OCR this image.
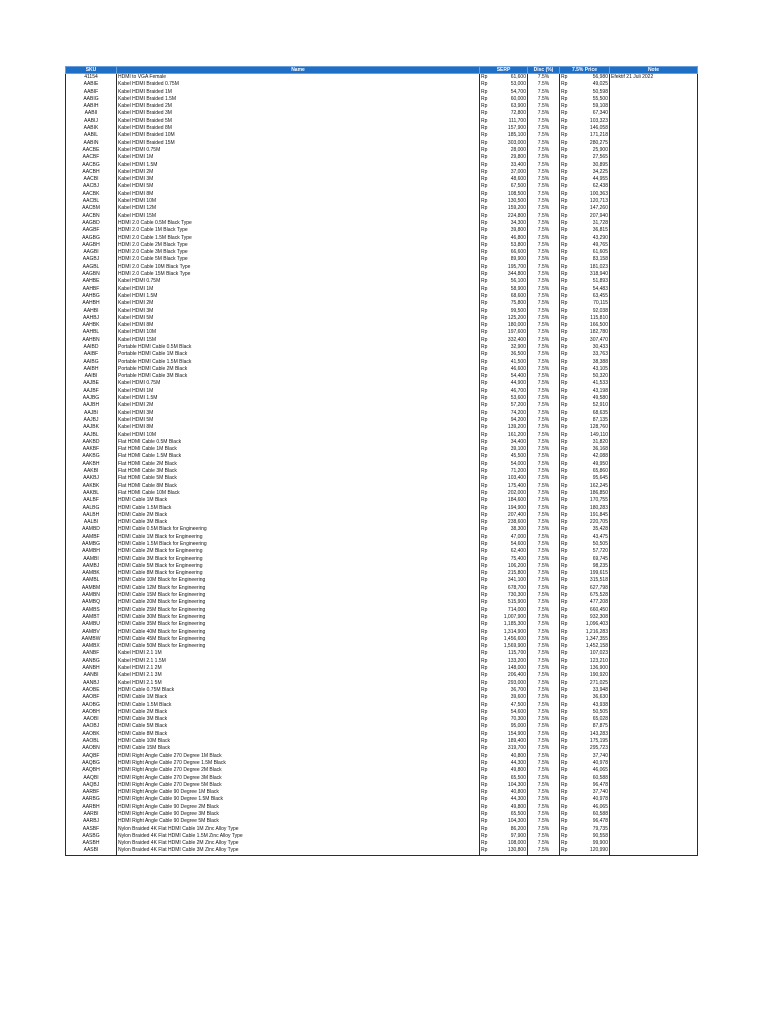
SKU	Name	SERP		Disc (%)	7.5% Price		Note
41154	HDMI to VGA Female	Rp	61,600	7.5%	Rp	56,980	Efektif 21 Juli 2022
AABIE	Kabel HDMI Braided 0.75M	Rp	53,000	7.5%	Rp	49,025	
AABIF	Kabel HDMI Braided 1M	Rp	54,700	7.5%	Rp	50,598	
AABIG	Kabel HDMI Braided 1.5M	Rp	60,000	7.5%	Rp	55,500	
AABIH	Kabel HDMI Braided 2M	Rp	63,900	7.5%	Rp	59,108	
AABII	Kabel HDMI Braided 3M	Rp	72,800	7.5%	Rp	67,340	
AABIJ	Kabel HDMI Braided 5M	Rp	111,700	7.5%	Rp	103,323	
AABIK	Kabel HDMI Braided 8M	Rp	157,900	7.5%	Rp	146,058	
AABIL	Kabel HDMI Braided 10M	Rp	185,100	7.5%	Rp	171,218	
AABIN	Kabel HDMI Braided 15M	Rp	303,000	7.5%	Rp	280,275	
AACBE	Kabel HDMI 0.75M	Rp	28,000	7.5%	Rp	25,900	
AACBF	Kabel HDMI 1M	Rp	29,800	7.5%	Rp	27,565	
AACBG	Kabel HDMI 1.5M	Rp	33,400	7.5%	Rp	30,895	
AACBH	Kabel HDMI 2M	Rp	37,000	7.5%	Rp	34,225	
AACBI	Kabel HDMI 3M	Rp	48,600	7.5%	Rp	44,955	
AACBJ	Kabel HDMI 5M	Rp	67,500	7.5%	Rp	62,438	
AACBK	Kabel HDMI 8M	Rp	108,500	7.5%	Rp	100,363	
AACBL	Kabel HDMI 10M	Rp	130,500	7.5%	Rp	120,713	
AACBM	Kabel HDMI 12M	Rp	159,200	7.5%	Rp	147,260	
AACBN	Kabel HDMI 15M	Rp	224,800	7.5%	Rp	207,940	
AAGBD	HDMI 2.0 Cable 0.5M Black Type	Rp	34,300	7.5%	Rp	31,728	
AAGBF	HDMI 2.0 Cable 1M Black Type	Rp	39,800	7.5%	Rp	36,815	
AAGBG	HDMI 2.0 Cable 1.5M Black Type	Rp	46,800	7.5%	Rp	43,290	
AAGBH	HDMI 2.0 Cable 2M Black Type	Rp	53,800	7.5%	Rp	49,765	
AAGBI	HDMI 2.0 Cable 3M Black Type	Rp	66,600	7.5%	Rp	61,605	
AAGBJ	HDMI 2.0 Cable 5M Black Type	Rp	89,900	7.5%	Rp	83,158	
AAGBL	HDMI 2.0 Cable 10M Black Type	Rp	195,700	7.5%	Rp	181,023	
AAGBN	HDMI 2.0 Cable 15M Black Type	Rp	344,800	7.5%	Rp	318,940	
AAHBE	Kabel HDMI 0.75M	Rp	56,100	7.5%	Rp	51,893	
AAHBF	Kabel HDMI 1M	Rp	58,900	7.5%	Rp	54,483	
AAHBG	Kabel HDMI 1.5M	Rp	68,600	7.5%	Rp	63,455	
AAHBH	Kabel HDMI 2M	Rp	75,800	7.5%	Rp	70,115	
AAHBI	Kabel HDMI 3M	Rp	99,500	7.5%	Rp	92,038	
AAHBJ	Kabel HDMI 5M	Rp	125,200	7.5%	Rp	115,810	
AAHBK	Kabel HDMI 8M	Rp	180,000	7.5%	Rp	166,500	
AAHBL	Kabel HDMI 10M	Rp	197,600	7.5%	Rp	182,780	
AAHBN	Kabel HDMI 15M	Rp	332,400	7.5%	Rp	307,470	
AAIBD	Portable HDMI Cable 0.5M Black	Rp	32,900	7.5%	Rp	30,433	
AAIBF	Portable HDMI Cable 1M Black	Rp	36,500	7.5%	Rp	33,763	
AAIBG	Portable HDMI Cable 1.5M Black	Rp	41,500	7.5%	Rp	38,388	
AAIBH	Portable HDMI Cable 2M Black	Rp	46,600	7.5%	Rp	43,105	
AAIBI	Portable HDMI Cable 3M Black	Rp	54,400	7.5%	Rp	50,320	
AAJBE	Kabel HDMI 0.75M	Rp	44,900	7.5%	Rp	41,533	
AAJBF	Kabel HDMI 1M	Rp	46,700	7.5%	Rp	43,198	
AAJBG	Kabel HDMI 1.5M	Rp	53,600	7.5%	Rp	49,580	
AAJBH	Kabel HDMI 2M	Rp	57,200	7.5%	Rp	52,910	
AAJBI	Kabel HDMI 3M	Rp	74,200	7.5%	Rp	68,635	
AAJBJ	Kabel HDMI 5M	Rp	94,200	7.5%	Rp	87,135	
AAJBK	Kabel HDMI 8M	Rp	139,200	7.5%	Rp	128,760	
AAJBL	Kabel HDMI 10M	Rp	161,200	7.5%	Rp	149,110	
AAKBD	Flat HDMI Cable 0.5M Black	Rp	34,400	7.5%	Rp	31,820	
AAKBF	Flat HDMI Cable 1M Black	Rp	39,100	7.5%	Rp	36,168	
AAKBG	Flat HDMI Cable 1.5M Black	Rp	45,500	7.5%	Rp	42,088	
AAKBH	Flat HDMI Cable 2M Black	Rp	54,000	7.5%	Rp	49,950	
AAKBI	Flat HDMI Cable 3M Black	Rp	71,200	7.5%	Rp	65,860	
AAKBJ	Flat HDMI Cable 5M Black	Rp	103,400	7.5%	Rp	95,645	
AAKBK	Flat HDMI Cable 8M Black	Rp	175,400	7.5%	Rp	162,245	
AAKBL	Flat HDMI Cable 10M Black	Rp	202,000	7.5%	Rp	186,850	
AALBF	HDMI Cable 1M Black	Rp	184,600	7.5%	Rp	170,755	
AALBG	HDMI Cable 1.5M Black	Rp	194,900	7.5%	Rp	180,283	
AALBH	HDMI Cable 2M Black	Rp	207,400	7.5%	Rp	191,845	
AALBI	HDMI Cable 3M Black	Rp	238,600	7.5%	Rp	220,705	
AAMBD	HDMI Cable 0.5M Black for Engineering	Rp	38,300	7.5%	Rp	35,428	
AAMBF	HDMI Cable 1M Black for Engineering	Rp	47,000	7.5%	Rp	43,475	
AAMBG	HDMI Cable 1.5M Black for Engineering	Rp	54,600	7.5%	Rp	50,505	
AAMBH	HDMI Cable 2M Black for Engineering	Rp	62,400	7.5%	Rp	57,720	
AAMBI	HDMI Cable 3M Black for Engineering	Rp	75,400	7.5%	Rp	69,745	
AAMBJ	HDMI Cable 5M Black for Engineering	Rp	106,200	7.5%	Rp	98,235	
AAMBK	HDMI Cable 8M Black for Engineering	Rp	215,800	7.5%	Rp	199,615	
AAMBL	HDMI Cable 10M Black for Engineering	Rp	341,100	7.5%	Rp	315,518	
AAMBM	HDMI Cable 12M Black for Engineering	Rp	678,700	7.5%	Rp	627,798	
AAMBN	HDMI Cable 15M Black for Engineering	Rp	730,300	7.5%	Rp	675,528	
AAMBQ	HDMI Cable 20M Black for Engineering	Rp	515,900	7.5%	Rp	477,208	
AAMBS	HDMI Cable 25M Black for Engineering	Rp	714,000	7.5%	Rp	660,450	
AAMBT	HDMI Cable 30M Black for Engineering	Rp	1,007,900	7.5%	Rp	932,308	
AAMBU	HDMI Cable 35M Black for Engineering	Rp	1,185,300	7.5%	Rp	1,096,403	
AAMBV	HDMI Cable 40M Black for Engineering	Rp	1,314,900	7.5%	Rp	1,216,283	
AAMBW	HDMI Cable 45M Black for Engineering	Rp	1,456,600	7.5%	Rp	1,347,355	
AAMBX	HDMI Cable 50M Black for Engineering	Rp	1,569,900	7.5%	Rp	1,452,158	
AANBF	Kabel HDMI 2.1 1M	Rp	115,700	7.5%	Rp	107,023	
AANBG	Kabel HDMI 2.1 1.5M	Rp	133,200	7.5%	Rp	123,210	
AANBH	Kabel HDMI 2.1 2M	Rp	148,000	7.5%	Rp	136,900	
AANBI	Kabel HDMI 2.1 3M	Rp	206,400	7.5%	Rp	190,920	
AANBJ	Kabel HDMI 2.1 5M	Rp	293,000	7.5%	Rp	271,025	
AAOBE	HDMI Cable 0.75M Black	Rp	36,700	7.5%	Rp	33,948	
AAOBF	HDMI Cable 1M Black	Rp	39,600	7.5%	Rp	36,630	
AAOBG	HDMI Cable 1.5M Black	Rp	47,500	7.5%	Rp	43,938	
AAOBH	HDMI Cable 2M Black	Rp	54,600	7.5%	Rp	50,505	
AAOBI	HDMI Cable 3M Black	Rp	70,300	7.5%	Rp	65,028	
AAOBJ	HDMI Cable 5M Black	Rp	95,000	7.5%	Rp	87,875	
AAOBK	HDMI Cable 8M Black	Rp	154,900	7.5%	Rp	143,283	
AAOBL	HDMI Cable 10M Black	Rp	189,400	7.5%	Rp	175,195	
AAOBN	HDMI Cable 15M Black	Rp	319,700	7.5%	Rp	295,723	
AAQBF	HDMI Right Angle Cable 270 Degree 1M Black	Rp	40,800	7.5%	Rp	37,740	
AAQBG	HDMI Right Angle Cable 270 Degree 1.5M Black	Rp	44,300	7.5%	Rp	40,978	
AAQBH	HDMI Right Angle Cable 270 Degree 2M Black	Rp	49,800	7.5%	Rp	46,065	
AAQBI	HDMI Right Angle Cable 270 Degree 3M Black	Rp	65,500	7.5%	Rp	60,588	
AAQBJ	HDMI Right Angle Cable 270 Degree 5M Black	Rp	104,300	7.5%	Rp	96,478	
AARBF	HDMI Right Angle Cable 90 Degree 1M Black	Rp	40,800	7.5%	Rp	37,740	
AARBG	HDMI Right Angle Cable 90 Degree 1.5M Black	Rp	44,300	7.5%	Rp	40,978	
AARBH	HDMI Right Angle Cable 90 Degree 2M Black	Rp	49,800	7.5%	Rp	46,065	
AARBI	HDMI Right Angle Cable 90 Degree 3M Black	Rp	65,500	7.5%	Rp	60,588	
AARBJ	HDMI Right Angle Cable 90 Degree 5M Black	Rp	104,300	7.5%	Rp	96,478	
AASBF	Nylon Braided 4K Flat HDMI Cable 1M Zinc Alloy Type	Rp	86,200	7.5%	Rp	79,735	
AASBG	Nylon Braided 4K Flat HDMI Cable 1.5M Zinc Alloy Type	Rp	97,900	7.5%	Rp	90,558	
AASBH	Nylon Braided 4K Flat HDMI Cable 2M Zinc Alloy Type	Rp	108,000	7.5%	Rp	99,900	
AASBI	Nylon Braided 4K Flat HDMI Cable 3M Zinc Alloy Type	Rp	130,800	7.5%	Rp	120,990	
